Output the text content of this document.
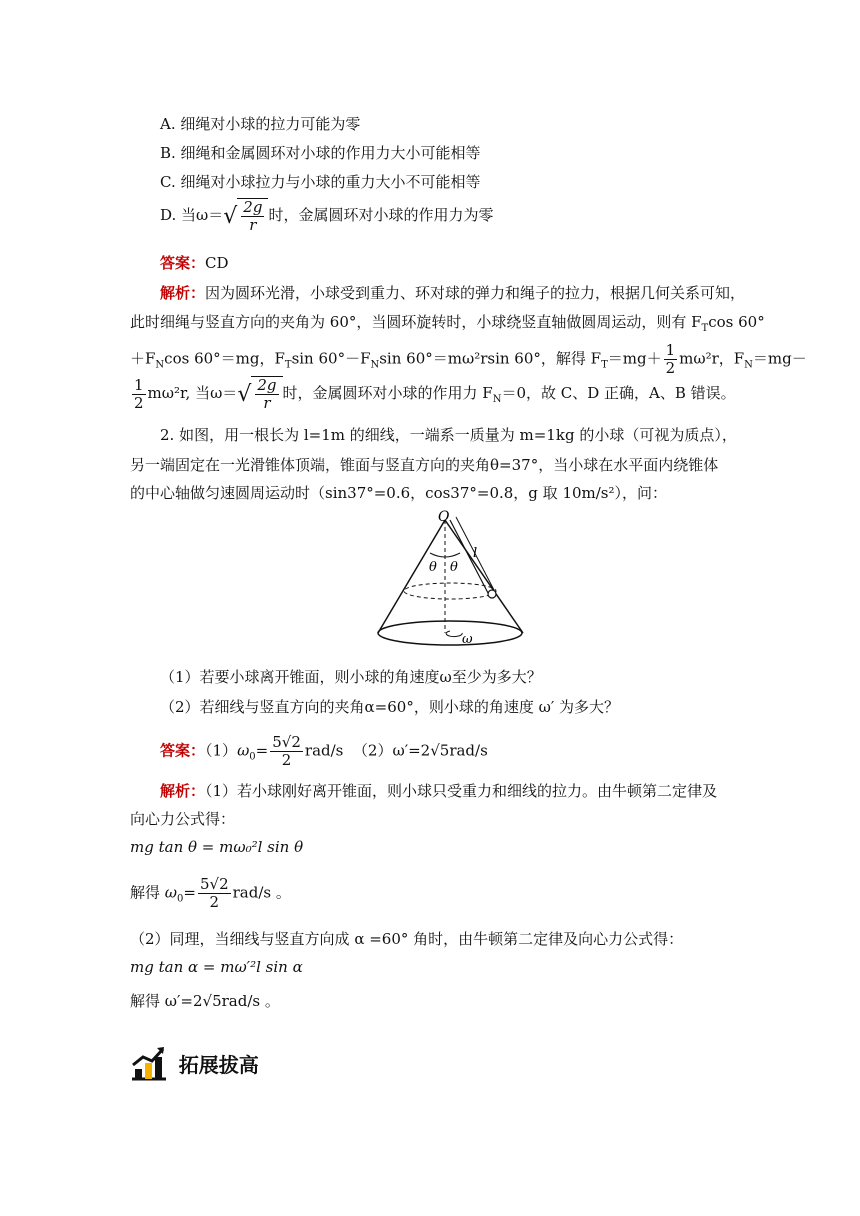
A. 细绳对小球的拉力可能为零
B. 细绳和金属圆环对小球的作用力大小可能相等
C. 细绳对小球拉力与小球的重力大小不可能相等
D. 当$\omega=√ \frac{2g}{r}$ 时，金属圆环对小球的作用力为零
答案：CD
解析：因为圆环光滑，小球受到重力、环对球的弹力和绳子的拉力，根据几何关系可知，
此时细绳与竖直方向的夹角为 60°，当圆环旋转时，小球绕竖直轴做圆周运动，则有 $F_T\cos$ 60°
$+F_N\cos$ 60°＝mg，$F_T\sin$ $60^\circ-F_N\sin$ 60°＝mω²rsin 60°，解得 $F_T=mg+ \frac{1}{2} m\omega^2r$，$F_N=mg-$
$\frac{1}{2} m\omega^2r$, 当$\omega=√ \frac{2g}{r}$ 时，金属圆环对小球的作用力 $F_N=0$，故 C、D 正确，A、B 错误。
2. 如图，用一根长为 l=1m 的细线，一端系一质量为 m=1kg 的小球（可视为质点），
另一端固定在一光滑锥体顶端，锥面与竖直方向的夹角θ=37°，当小球在水平面内绕锥体
的中心轴做匀速圆周运动时（sin37°=0.6，cos37°=0.8，g 取 10m/s²），问：
O
l
θ θ
ω
（1）若要小球离开锥面，则小球的角速度ω至少为多大？
（2）若细线与竖直方向的夹角α=60°，则小球的角速度 ω′ 为多大？
答案：$(1)\omega_0= \frac{5√2}{2} rad/s$  （2）ω′=2√5rad/s
解析：（1）若小球刚好离开锥面，则小球只受重力和细线的拉力。由牛顿第二定律及
向心力公式得：
mg tan θ = mω₀²l sin θ
解得 $\omega_0= \frac{5√2}{2} rad/s$ 。
（2）同理，当细线与竖直方向成 α =60° 角时，由牛顿第二定律及向心力公式得：
mg tan α = mω′²l sin α
解得 ω′=2√5rad/s 。
拓展拔高
